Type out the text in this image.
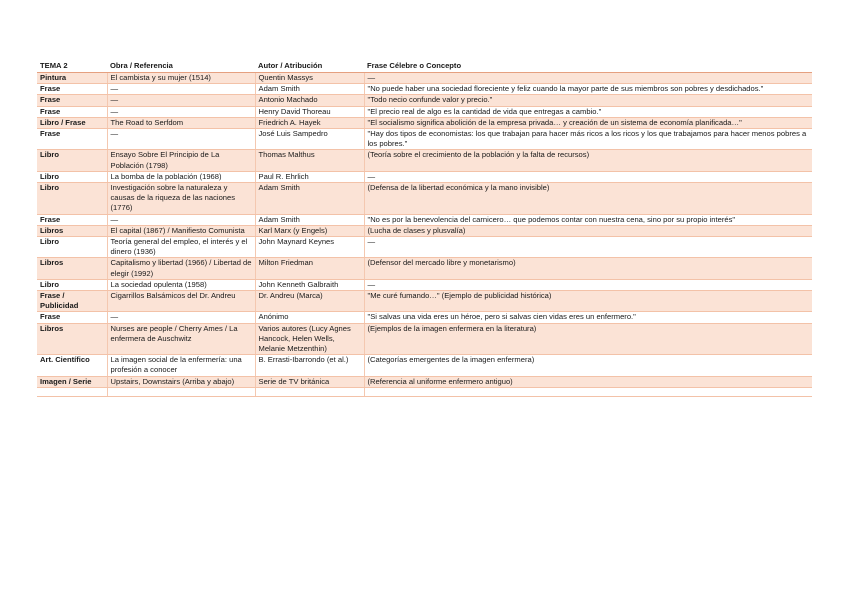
TEMA 2	Obra / Referencia	Autor / Atribución	Frase Célebre o Concepto
Pintura	El cambista y su mujer (1514)	Quentin Massys	—
Frase	—	Adam Smith	"No puede haber una sociedad floreciente y feliz cuando la mayor parte de sus miembros son pobres y desdichados."
Frase	—	Antonio Machado	"Todo necio confunde valor y precio."
Frase	—	Henry David Thoreau	"El precio real de algo es la cantidad de vida que entregas a cambio."
Libro / Frase	The Road to Serfdom	Friedrich A. Hayek	"El socialismo significa abolición de la empresa privada… y creación de un sistema de economía planificada…"
Frase	—	José Luis Sampedro	"Hay dos tipos de economistas: los que trabajan para hacer más ricos a los ricos y los que trabajamos para hacer menos pobres a los pobres."
Libro	Ensayo Sobre El Principio de La Población (1798)	Thomas Malthus	(Teoría sobre el crecimiento de la población y la falta de recursos)
Libro	La bomba de la población (1968)	Paul R. Ehrlich	—
Libro	Investigación sobre la naturaleza y causas de la riqueza de las naciones (1776)	Adam Smith	(Defensa de la libertad económica y la mano invisible)
Frase	—	Adam Smith	"No es por la benevolencia del carnicero… que podemos contar con nuestra cena, sino por su propio interés"
Libros	El capital (1867) / Manifiesto Comunista	Karl Marx (y Engels)	(Lucha de clases y plusvalía)
Libro	Teoría general del empleo, el interés y el dinero (1936)	John Maynard Keynes	—
Libros	Capitalismo y libertad (1966) / Libertad de elegir (1992)	Milton Friedman	(Defensor del mercado libre y monetarismo)
Libro	La sociedad opulenta (1958)	John Kenneth Galbraith	—
Frase / Publicidad	Cigarrillos Balsámicos del Dr. Andreu	Dr. Andreu (Marca)	"Me curé fumando…" (Ejemplo de publicidad histórica)
Frase	—	Anónimo	"Si salvas una vida eres un héroe, pero si salvas cien vidas eres un enfermero."
Libros	Nurses are people / Cherry Ames / La enfermera de Auschwitz	Varios autores (Lucy Agnes Hancock, Helen Wells, Melanie Metzenthin)	(Ejemplos de la imagen enfermera en la literatura)
Art. Científico	La imagen social de la enfermería: una profesión a conocer	B. Errasti-Ibarrondo (et al.)	(Categorías emergentes de la imagen enfermera)
Imagen / Serie	Upstairs, Downstairs (Arriba y abajo)	Serie de TV británica	(Referencia al uniforme enfermero antiguo)
